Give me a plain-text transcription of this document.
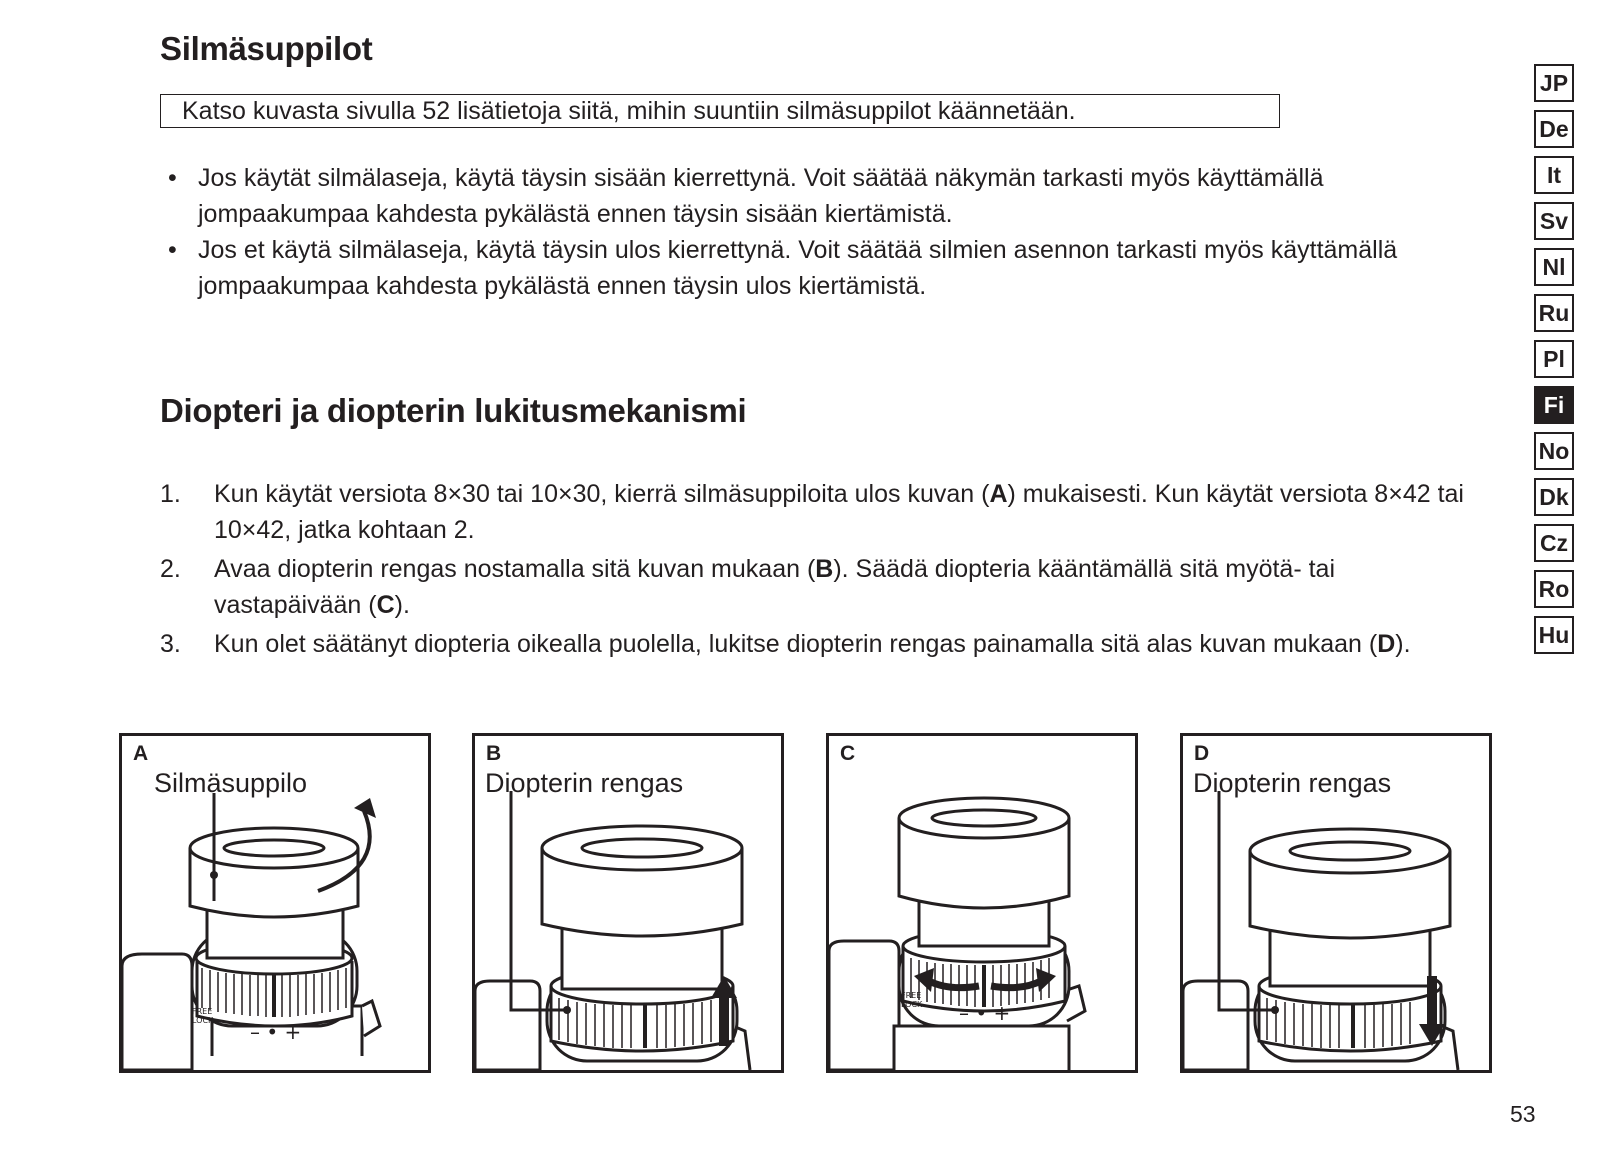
Silmäsuppilot
Katso kuvasta sivulla 52 lisätietoja siitä, mihin suuntiin silmäsuppilot käännetään.
• Jos käytät silmälaseja, käytä täysin sisään kierrettynä. Voit säätää näkymän tarkasti myös käyttämällä jompaakumpaa kahdesta pykälästä ennen täysin sisään kiertämistä.
• Jos et käytä silmälaseja, käytä täysin ulos kierrettynä. Voit säätää silmien asennon tarkasti myös käyttämällä jompaakumpaa kahdesta pykälästä ennen täysin ulos kiertämistä.
Diopteri ja diopterin lukitusmekanismi
1. Kun käytät versiota 8×30 tai 10×30, kierrä silmäsuppiloita ulos kuvan (A) mukaisesti. Kun käytät versiota 8×42 tai 10×42, jatka kohtaan 2.
2. Avaa diopterin rengas nostamalla sitä kuvan mukaan (B). Säädä diopteria kääntämällä sitä myötä- tai vastapäivään (C).
3. Kun olet säätänyt diopteria oikealla puolella, lukitse diopterin rengas painamalla sitä alas kuvan mukaan (D).
JP
De
It
Sv
Nl
Ru
Pl
Fi
No
Dk
Cz
Ro
Hu
FREE
LOCK – • +
A
Silmäsuppilo
B
Diopterin rengas
FREE
LOCK – • +
C	D
Diopterin rengas
53
